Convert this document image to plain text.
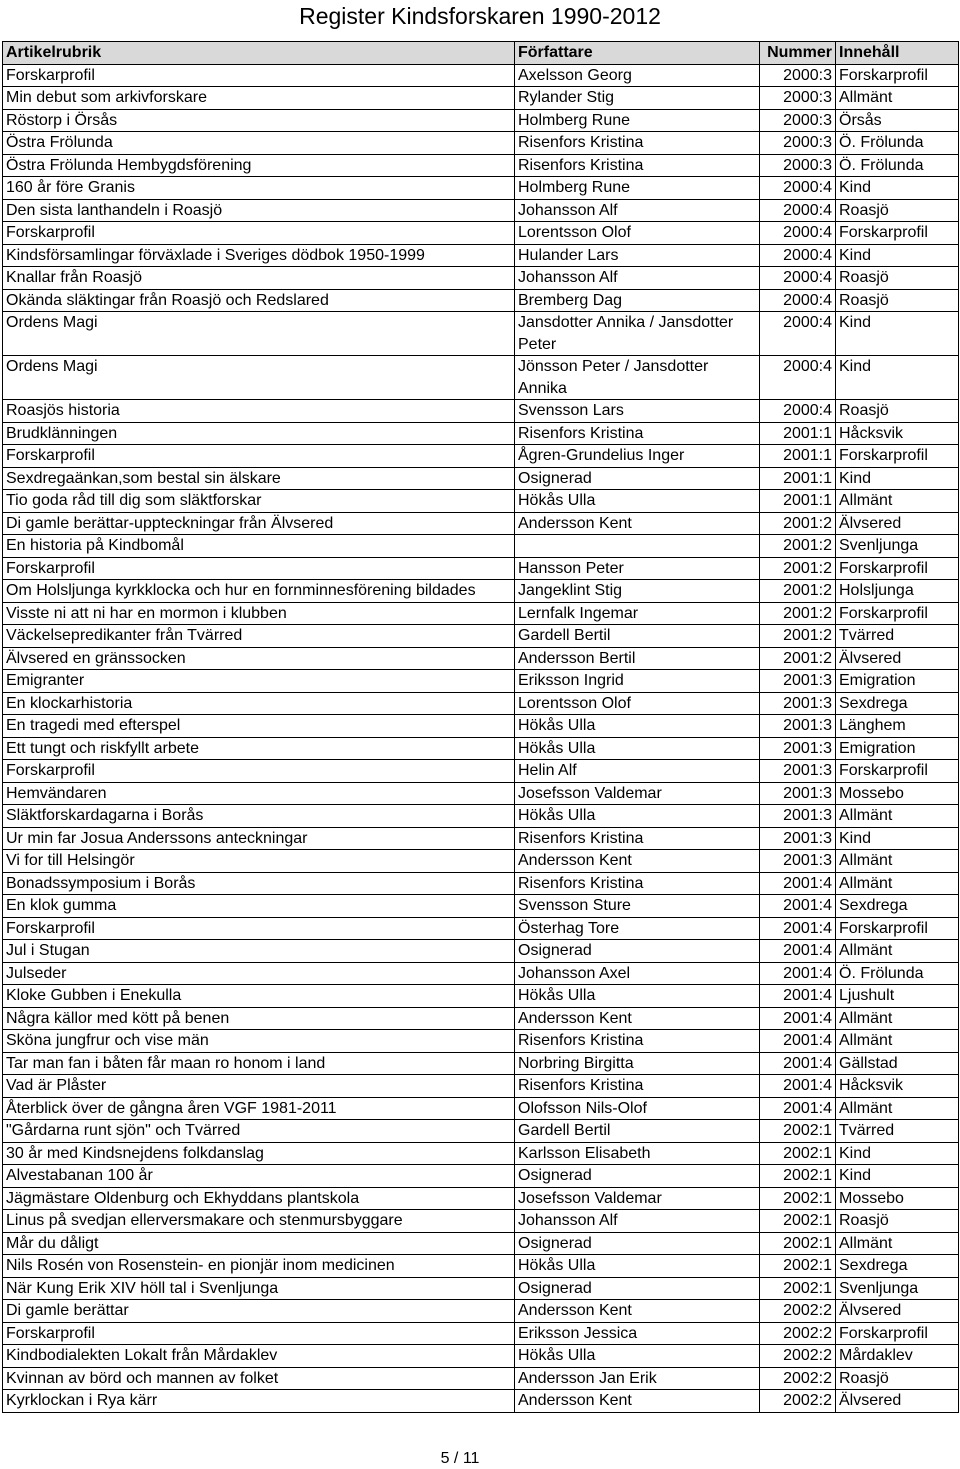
Register Kindsforskaren 1990-2012
Artikelrubrik	Författare	Nummer	Innehåll
Forskarprofil	Axelsson Georg	2000:3	Forskarprofil
Min debut som arkivforskare	Rylander Stig	2000:3	Allmänt
Röstorp i Örsås	Holmberg Rune	2000:3	Örsås
Östra Frölunda	Risenfors Kristina	2000:3	Ö. Frölunda
Östra Frölunda Hembygdsförening	Risenfors Kristina	2000:3	Ö. Frölunda
160 år före Granis	Holmberg Rune	2000:4	Kind
Den sista lanthandeln i Roasjö	Johansson Alf	2000:4	Roasjö
Forskarprofil	Lorentsson Olof	2000:4	Forskarprofil
Kindsförsamlingar förväxlade i Sveriges dödbok 1950-1999	Hulander Lars	2000:4	Kind
Knallar från Roasjö	Johansson Alf	2000:4	Roasjö
Okända släktingar från Roasjö och Redslared	Bremberg Dag	2000:4	Roasjö
Ordens Magi	Jansdotter Annika / Jansdotter Peter	2000:4	Kind
Ordens Magi	Jönsson Peter / Jansdotter Annika	2000:4	Kind
Roasjös historia	Svensson Lars	2000:4	Roasjö
Brudklänningen	Risenfors Kristina	2001:1	Håcksvik
Forskarprofil	Ågren-Grundelius Inger	2001:1	Forskarprofil
Sexdregaänkan,som bestal sin älskare	Osignerad	2001:1	Kind
Tio goda råd till dig som släktforskar	Hökås Ulla	2001:1	Allmänt
Di gamle berättar-uppteckningar från Älvsered	Andersson Kent	2001:2	Älvsered
En historia på Kindbomål		2001:2	Svenljunga
Forskarprofil	Hansson Peter	2001:2	Forskarprofil
Om Holsljunga kyrkklocka och hur en fornminnesförening bildades	Jangeklint Stig	2001:2	Holsljunga
Visste ni att ni har en mormon i klubben	Lernfalk Ingemar	2001:2	Forskarprofil
Väckelsepredikanter från Tvärred	Gardell Bertil	2001:2	Tvärred
Älvsered en gränssocken	Andersson Bertil	2001:2	Älvsered
Emigranter	Eriksson Ingrid	2001:3	Emigration
En klockarhistoria	Lorentsson Olof	2001:3	Sexdrega
En tragedi med efterspel	Hökås Ulla	2001:3	Länghem
Ett tungt och riskfyllt arbete	Hökås Ulla	2001:3	Emigration
Forskarprofil	Helin Alf	2001:3	Forskarprofil
Hemvändaren	Josefsson Valdemar	2001:3	Mossebo
Släktforskardagarna i Borås	Hökås Ulla	2001:3	Allmänt
Ur min far Josua Anderssons anteckningar	Risenfors Kristina	2001:3	Kind
Vi for till Helsingör	Andersson Kent	2001:3	Allmänt
Bonadssymposium i Borås	Risenfors Kristina	2001:4	Allmänt
En klok gumma	Svensson Sture	2001:4	Sexdrega
Forskarprofil	Österhag Tore	2001:4	Forskarprofil
Jul i Stugan	Osignerad	2001:4	Allmänt
Julseder	Johansson Axel	2001:4	Ö. Frölunda
Kloke Gubben i Enekulla	Hökås Ulla	2001:4	Ljushult
Några källor med kött på benen	Andersson Kent	2001:4	Allmänt
Sköna jungfrur och vise män	Risenfors Kristina	2001:4	Allmänt
Tar man fan i båten får maan ro honom i land	Norbring Birgitta	2001:4	Gällstad
Vad är Plåster	Risenfors Kristina	2001:4	Håcksvik
Återblick över de gångna åren VGF 1981-2011	Olofsson Nils-Olof	2001:4	Allmänt
"Gårdarna runt sjön" och Tvärred	Gardell Bertil	2002:1	Tvärred
30 år med Kindsnejdens folkdanslag	Karlsson Elisabeth	2002:1	Kind
Alvestabanan 100 år	Osignerad	2002:1	Kind
Jägmästare Oldenburg och Ekhyddans plantskola	Josefsson Valdemar	2002:1	Mossebo
Linus på svedjan ellerversmakare och stenmursbyggare	Johansson Alf	2002:1	Roasjö
Mår du dåligt	Osignerad	2002:1	Allmänt
Nils Rosén von Rosenstein- en pionjär inom medicinen	Hökås Ulla	2002:1	Sexdrega
När Kung Erik XIV höll tal i Svenljunga	Osignerad	2002:1	Svenljunga
Di gamle berättar	Andersson Kent	2002:2	Älvsered
Forskarprofil	Eriksson Jessica	2002:2	Forskarprofil
Kindbodialekten Lokalt från Mårdaklev	Hökås Ulla	2002:2	Mårdaklev
Kvinnan av börd och mannen av folket	Andersson Jan Erik	2002:2	Roasjö
Kyrklockan i Rya kärr	Andersson Kent	2002:2	Älvsered
5 / 11
